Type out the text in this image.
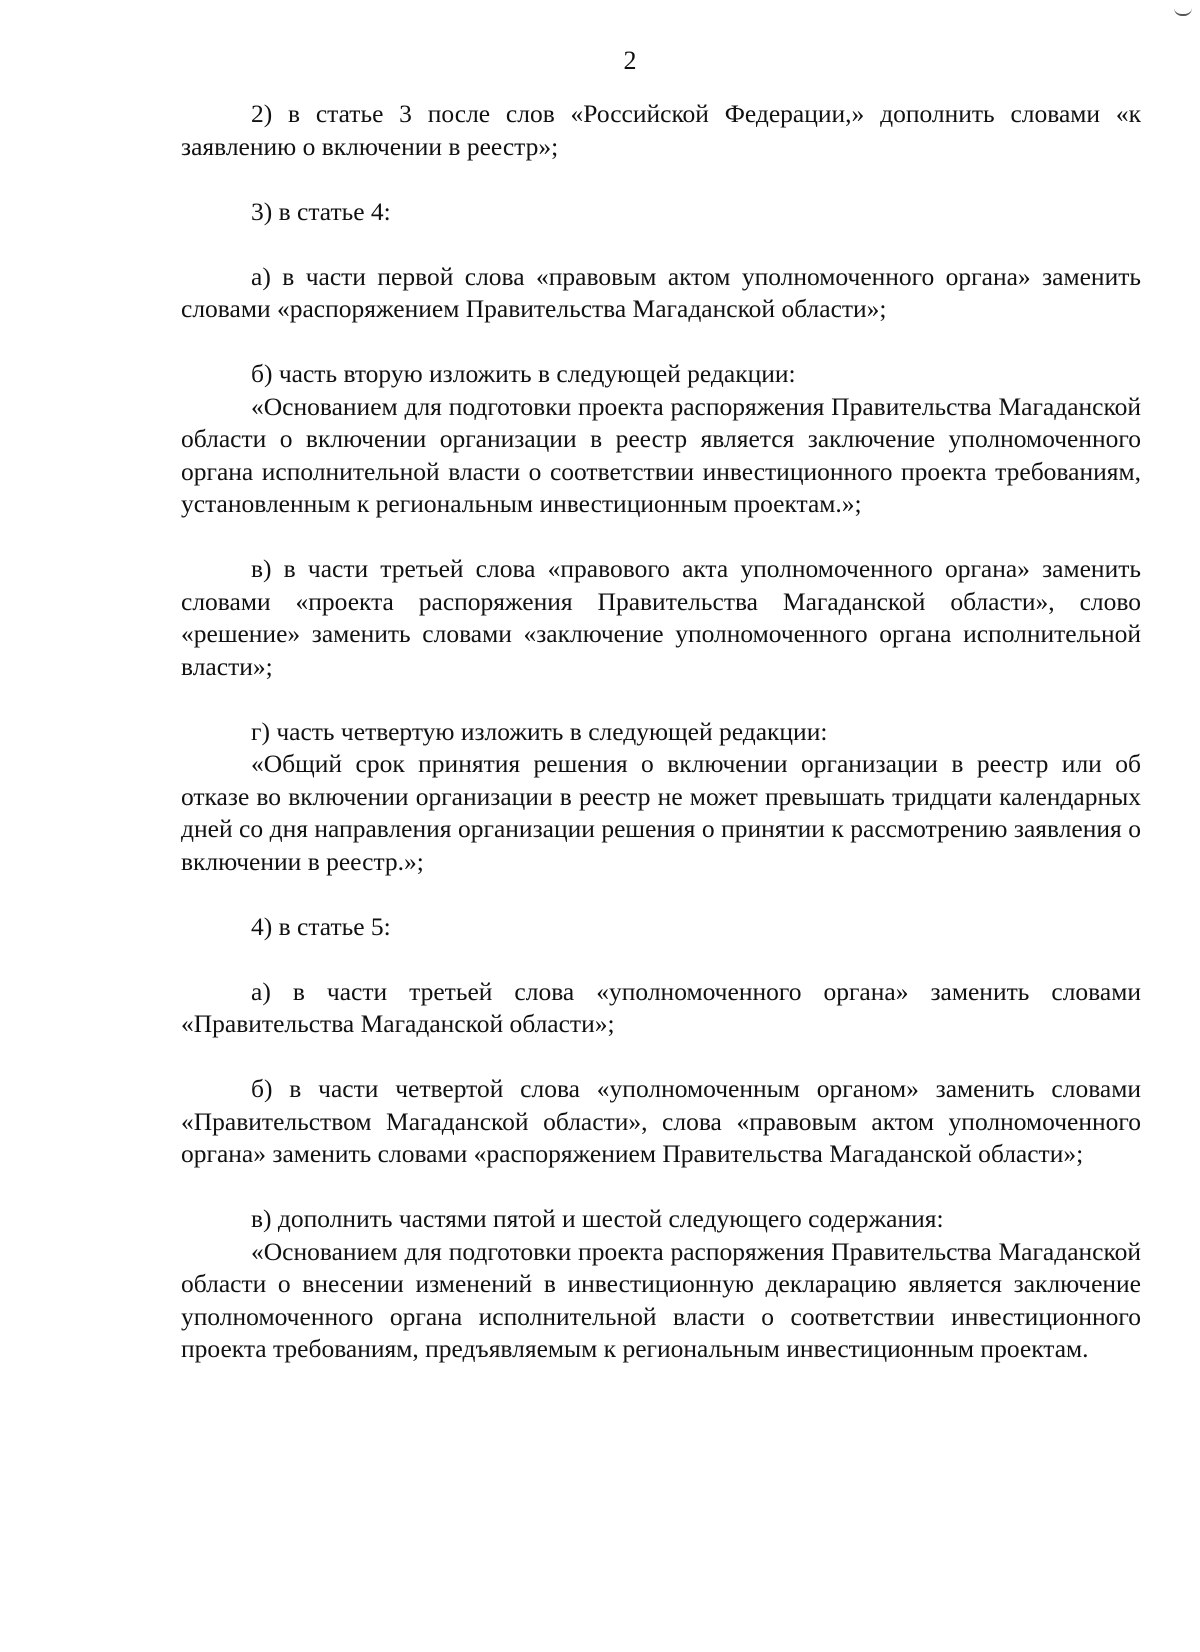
2

2) в статье 3 после слов «Российской Федерации,» дополнить словами «к заявлению о включении в реестр»;

3) в статье 4:

а) в части первой слова «правовым актом уполномоченного органа» заменить словами «распоряжением Правительства Магаданской области»;

б) часть вторую изложить в следующей редакции:

«Основанием для подготовки проекта распоряжения Правительства Магаданской области о включении организации в реестр является заключение уполномоченного органа исполнительной власти о соответствии инвестиционного проекта требованиям, установленным к региональным инвестиционным проектам.»;

в) в части третьей слова «правового акта уполномоченного органа» заменить словами «проекта распоряжения Правительства Магаданской области», слово «решение» заменить словами «заключение уполномоченного органа исполнительной власти»;

г) часть четвертую изложить в следующей редакции:

«Общий срок принятия решения о включении организации в реестр или об отказе во включении организации в реестр не может превышать тридцати календарных дней со дня направления организации решения о принятии к рассмотрению заявления о включении в реестр.»;

4) в статье 5:

а) в части третьей слова «уполномоченного органа» заменить словами «Правительства Магаданской области»;

б) в части четвертой слова «уполномоченным органом» заменить словами «Правительством Магаданской области», слова «правовым актом уполномоченного органа» заменить словами «распоряжением Правительства Магаданской области»;

в) дополнить частями пятой и шестой следующего содержания:

«Основанием для подготовки проекта распоряжения Правительства Магаданской области о внесении изменений в инвестиционную декларацию является заключение уполномоченного органа исполнительной власти о соответствии инвестиционного проекта требованиям, предъявляемым к региональным инвестиционным проектам.
